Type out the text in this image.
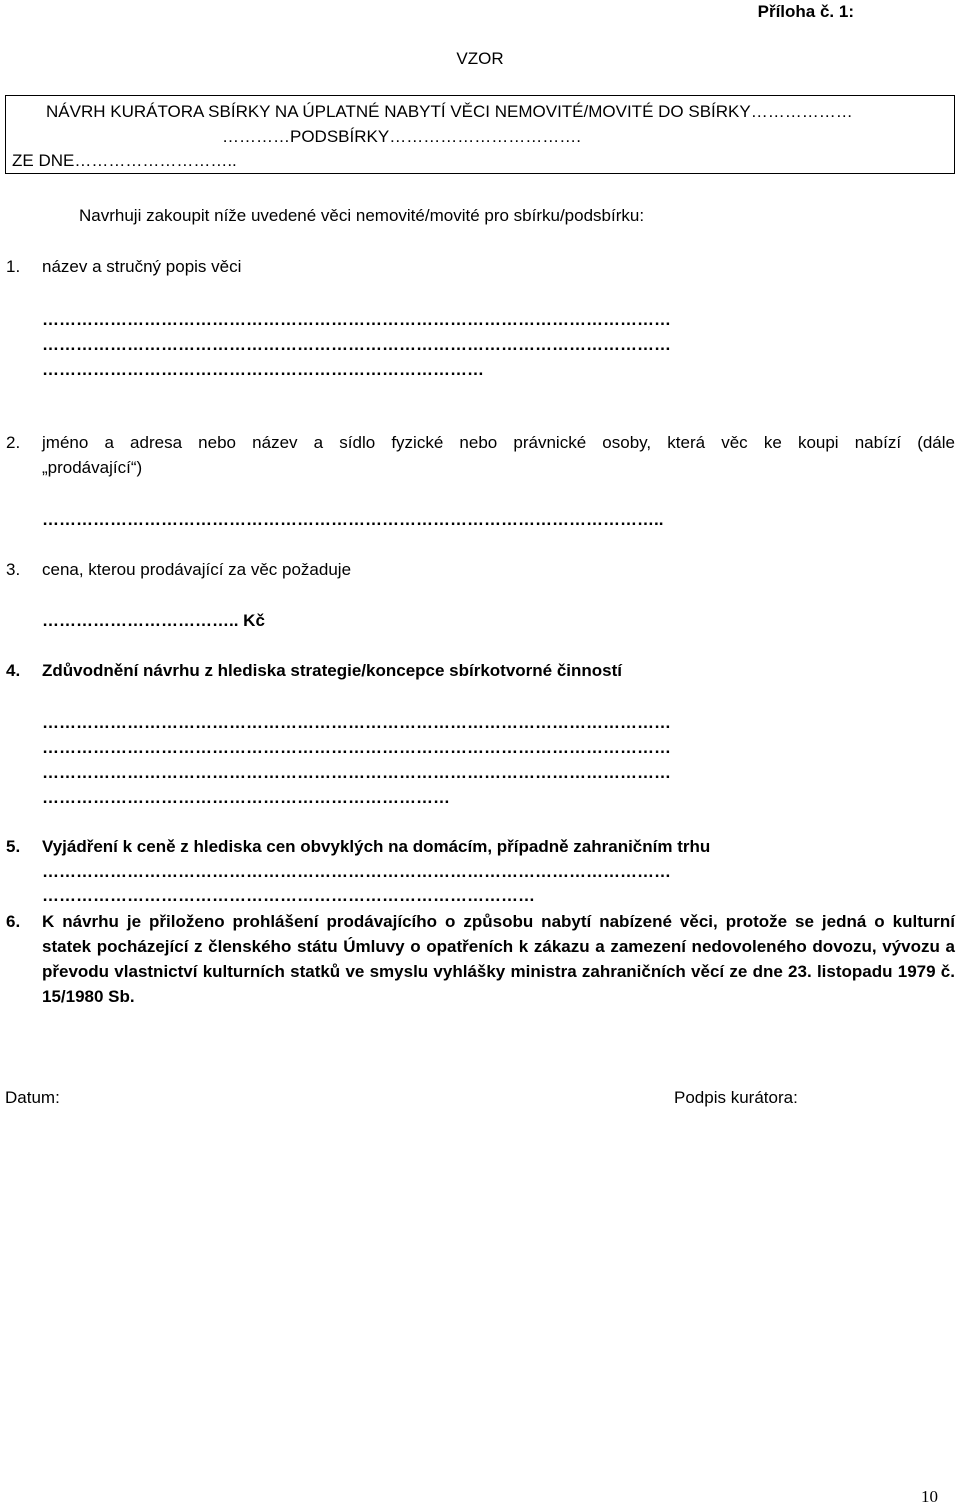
Příloha č. 1:
VZOR
NÁVRH KURÁTORA SBÍRKY NA ÚPLATNÉ NABYTÍ VĚCI NEMOVITÉ/MOVITÉ DO SBÍRKY………………
…………PODSBÍRKY…………………………….
ZE DNE………………………..
Navrhuji zakoupit níže uvedené věci nemovité/movité pro sbírku/podsbírku:
1. název a stručný popis věci
…………………………………………………………………………………………………
…………………………………………………………………………………………………
……………………………………………………………………
2. jméno a adresa nebo název a sídlo fyzické nebo právnické osoby, která věc ke koupi nabízí (dále
„prodávající“)
………………………………………………………………………………………………..
3. cena, kterou prodávající za věc požaduje
…………………………….. Kč
4. Zdůvodnění návrhu z hlediska strategie/koncepce sbírkotvorné činností
…………………………………………………………………………………………………
…………………………………………………………………………………………………
…………………………………………………………………………………………………
………………………………………………………………
5. Vyjádření k ceně z hlediska cen obvyklých na domácím, případně zahraničním trhu
…………………………………………………………………………………………………
……………………………………………………………………………
6. K návrhu je přiloženo prohlášení prodávajícího o způsobu nabytí nabízené věci, protože se jedná o kulturní statek pocházející z členského státu Úmluvy o opatřeních k zákazu a zamezení nedovoleného dovozu, vývozu a převodu vlastnictví kulturních statků ve smyslu vyhlášky ministra zahraničních věcí ze dne 23. listopadu 1979 č. 15/1980 Sb.
Datum:	Podpis kurátora:
10
